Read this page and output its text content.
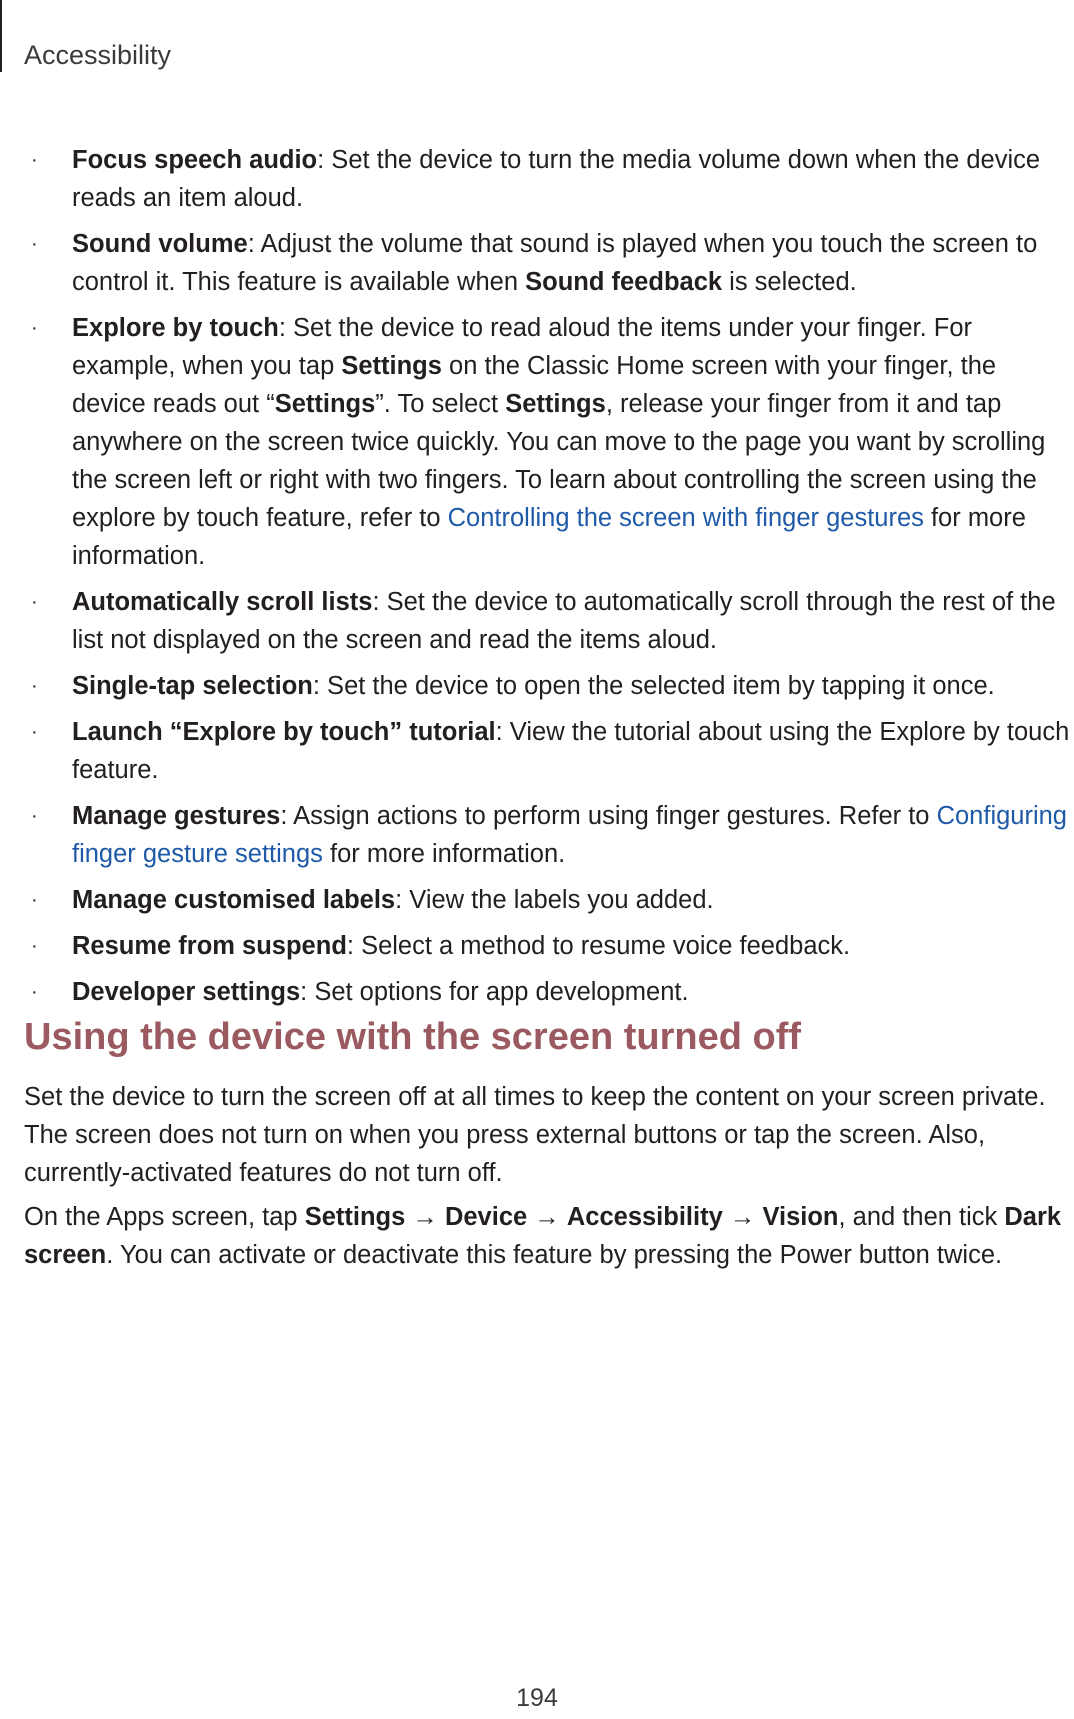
Accessibility
· Focus speech audio: Set the device to turn the media volume down when the device reads an item aloud.
· Sound volume: Adjust the volume that sound is played when you touch the screen to control it. This feature is available when Sound feedback is selected.
· Explore by touch: Set the device to read aloud the items under your finger. For example, when you tap Settings on the Classic Home screen with your finger, the device reads out “Settings”. To select Settings, release your finger from it and tap anywhere on the screen twice quickly. You can move to the page you want by scrolling the screen left or right with two fingers. To learn about controlling the screen using the explore by touch feature, refer to Controlling the screen with finger gestures for more information.
· Automatically scroll lists: Set the device to automatically scroll through the rest of the list not displayed on the screen and read the items aloud.
· Single-tap selection: Set the device to open the selected item by tapping it once.
· Launch “Explore by touch” tutorial: View the tutorial about using the Explore by touch feature.
· Manage gestures: Assign actions to perform using finger gestures. Refer to Configuring finger gesture settings for more information.
· Manage customised labels: View the labels you added.
· Resume from suspend: Select a method to resume voice feedback.
· Developer settings: Set options for app development.
Using the device with the screen turned off

Set the device to turn the screen off at all times to keep the content on your screen private. The screen does not turn on when you press external buttons or tap the screen. Also, currently-activated features do not turn off.

On the Apps screen, tap Settings → Device → Accessibility → Vision, and then tick Dark screen. You can activate or deactivate this feature by pressing the Power button twice.

194
